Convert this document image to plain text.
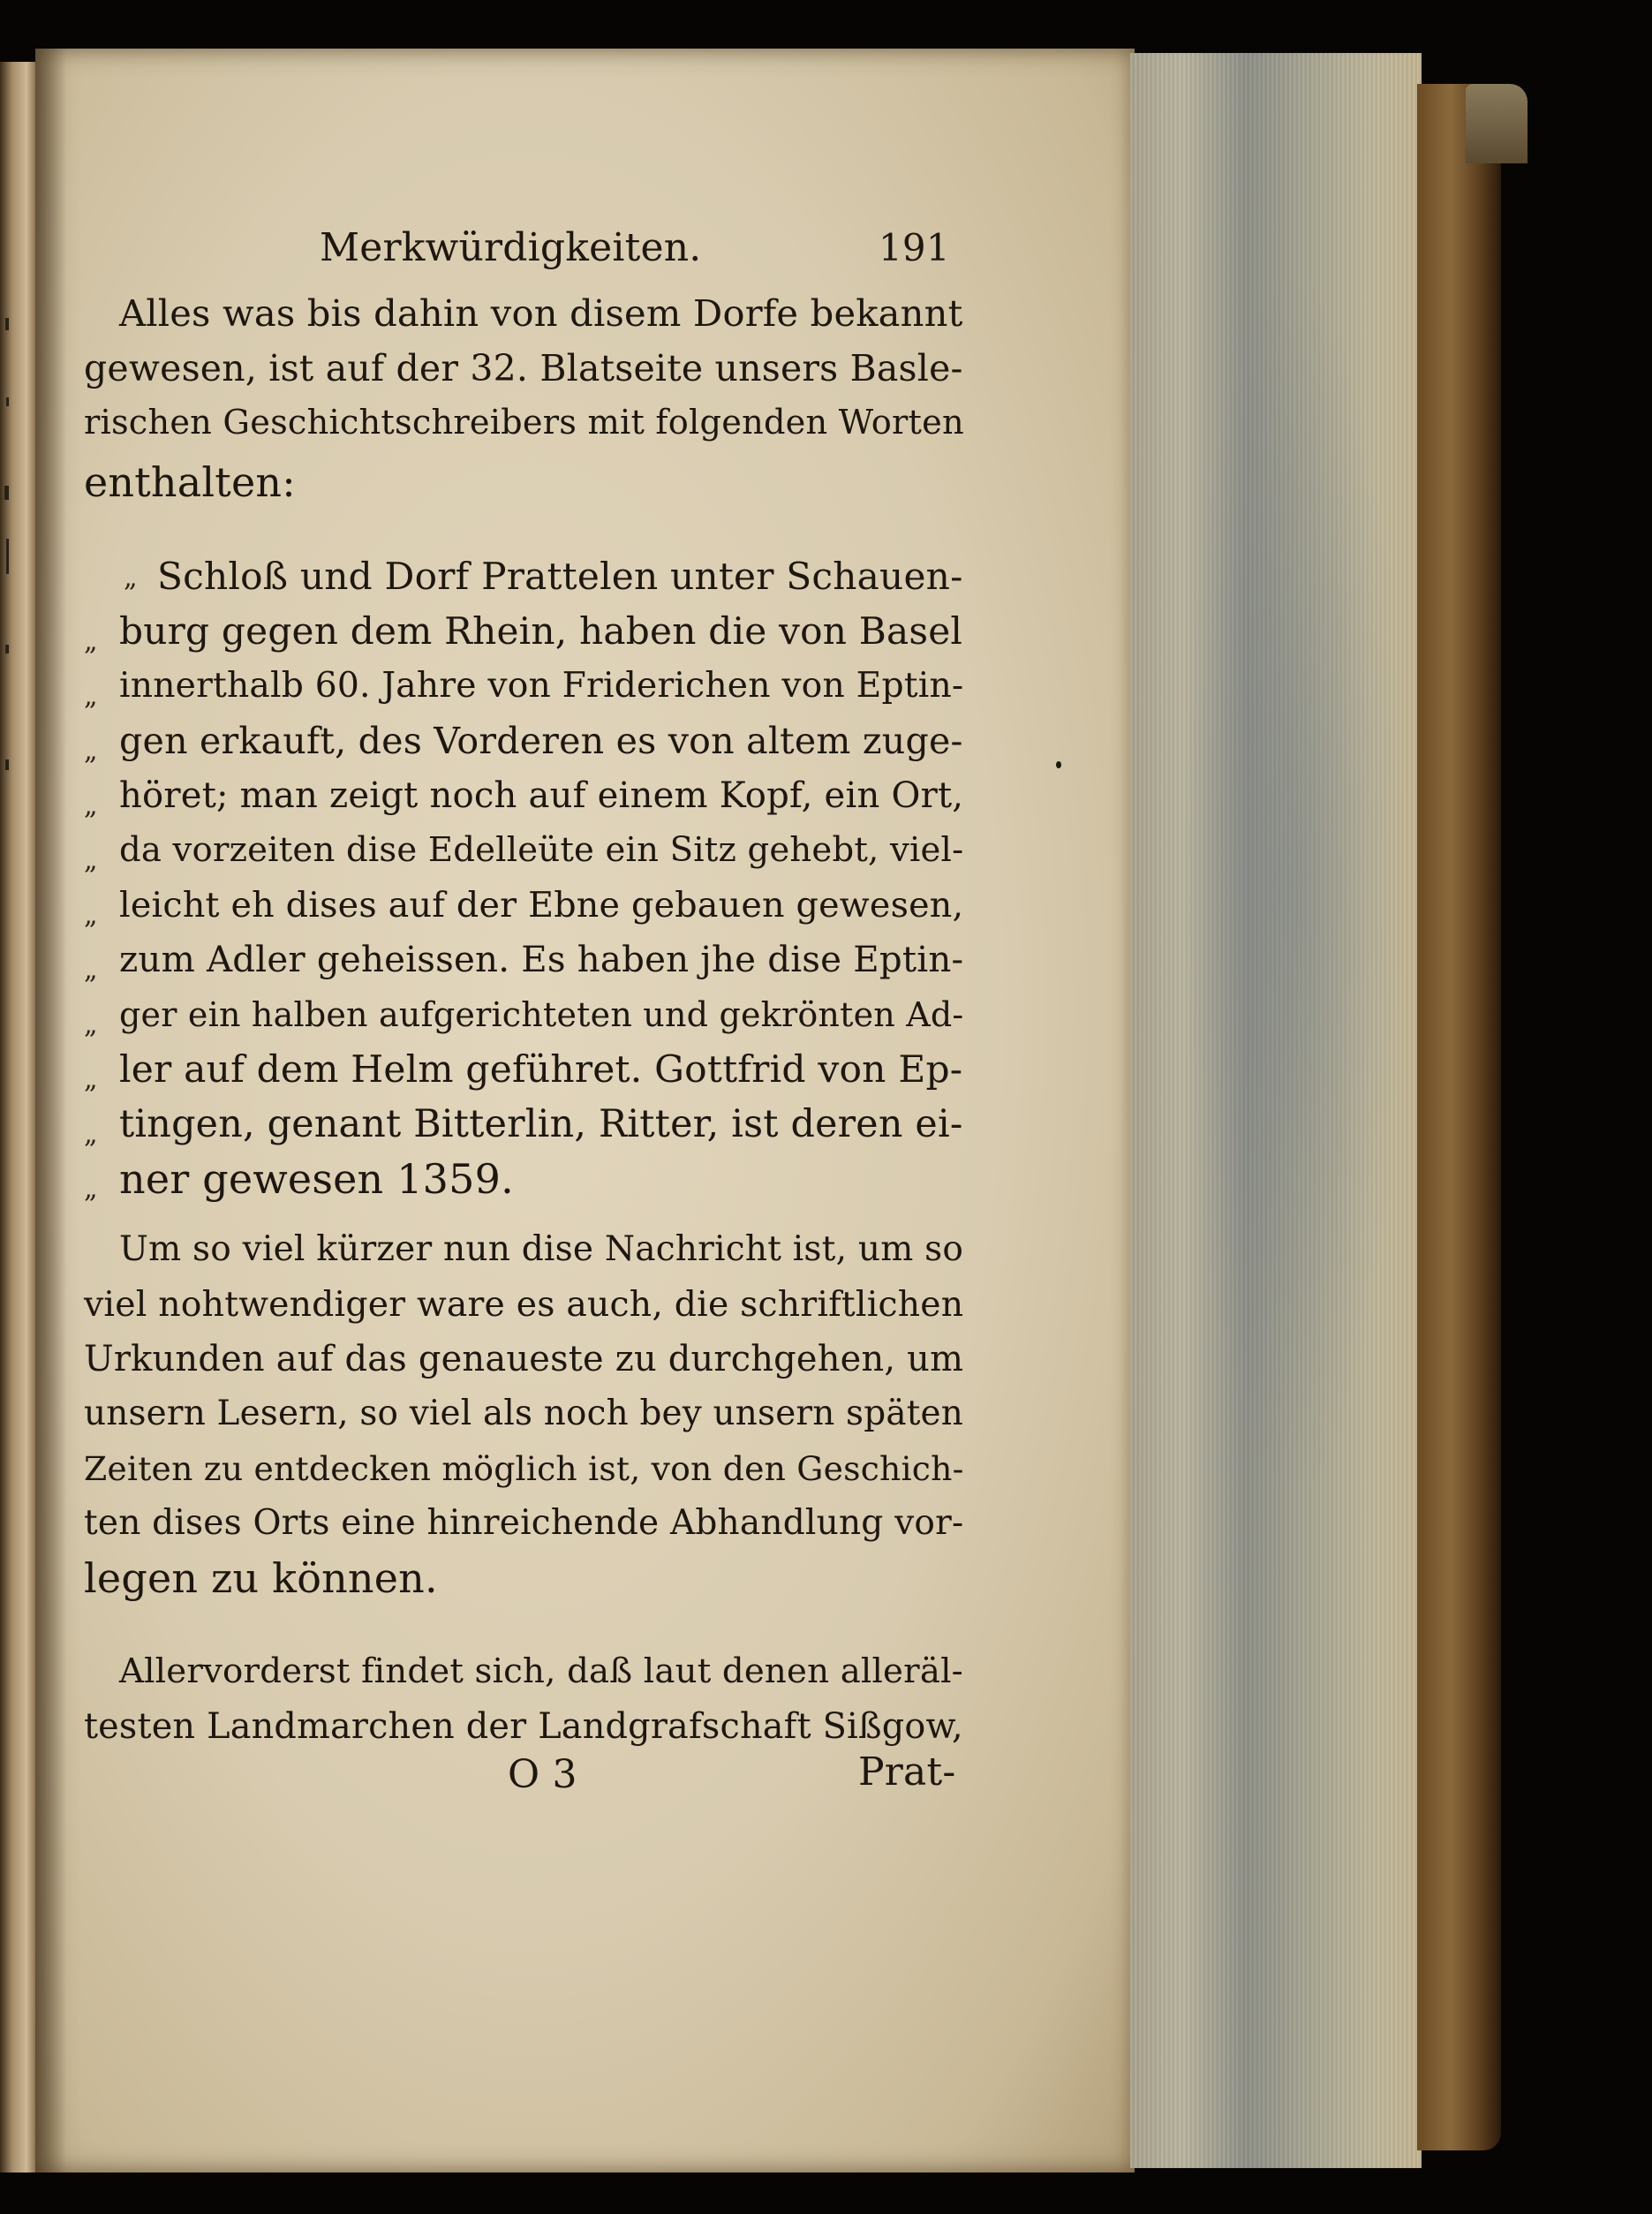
Merkwürdigkeiten.	191
Alles was bis dahin von disem Dorfe bekannt
gewesen, ist auf der 32. Blatseite unsers Basle-
rischen Geschichtschreibers mit folgenden Worten
enthalten:
„
„
„
„
„
„
„
„
„
„
„
„
Schloß und Dorf Prattelen unter Schauen-
burg gegen dem Rhein, haben die von Basel
innerthalb 60. Jahre von Friderichen von Eptin-
gen erkauft, des Vorderen es von altem zuge-
höret; man zeigt noch auf einem Kopf, ein Ort,
da vorzeiten dise Edelleüte ein Sitz gehebt, viel-
leicht eh dises auf der Ebne gebauen gewesen,
zum Adler geheissen. Es haben jhe dise Eptin-
ger ein halben aufgerichteten und gekrönten Ad-
ler auf dem Helm geführet. Gottfrid von Ep-
tingen, genant Bitterlin, Ritter, ist deren ei-
ner gewesen 1359.
Um so viel kürzer nun dise Nachricht ist, um so
viel nohtwendiger ware es auch, die schriftlichen
Urkunden auf das genaueste zu durchgehen, um
unsern Lesern, so viel als noch bey unsern späten
Zeiten zu entdecken möglich ist, von den Geschich-
ten dises Orts eine hinreichende Abhandlung vor-
legen zu können.
Allervorderst findet sich, daß laut denen alleräl-
testen Landmarchen der Landgrafschaft Sißgow,
O 3	Prat-
